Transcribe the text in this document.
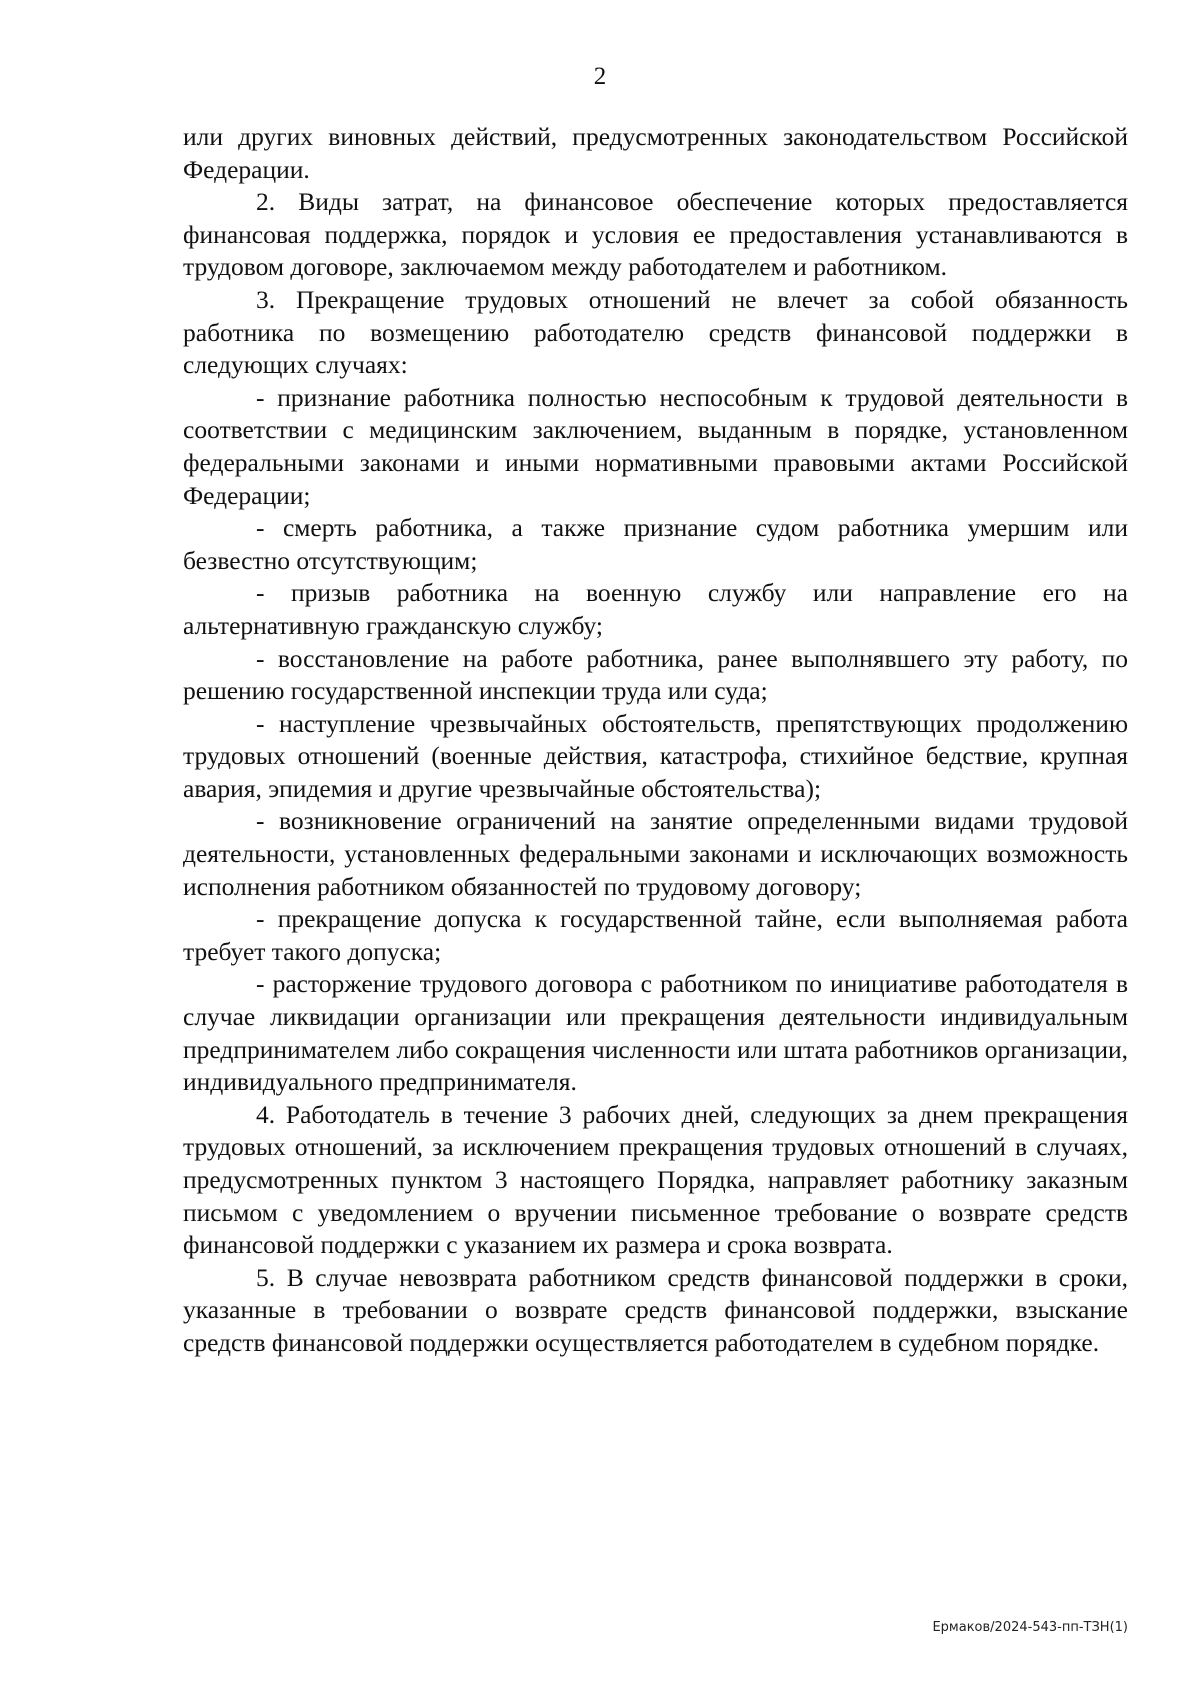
2

или других виновных действий, предусмотренных законодательством Российской Федерации.

2. Виды затрат, на финансовое обеспечение которых предоставляется финансовая поддержка, порядок и условия ее предоставления устанавливаются в трудовом договоре, заключаемом между работодателем и работником.

3. Прекращение трудовых отношений не влечет за собой обязанность работника по возмещению работодателю средств финансовой поддержки в следующих случаях:

- признание работника полностью неспособным к трудовой деятельности в соответствии с медицинским заключением, выданным в порядке, установленном федеральными законами и иными нормативными правовыми актами Российской Федерации;

- смерть работника, а также признание судом работника умершим или безвестно отсутствующим;

- призыв работника на военную службу или направление его на альтернативную гражданскую службу;

- восстановление на работе работника, ранее выполнявшего эту работу, по решению государственной инспекции труда или суда;

- наступление чрезвычайных обстоятельств, препятствующих продолжению трудовых отношений (военные действия, катастрофа, стихийное бедствие, крупная авария, эпидемия и другие чрезвычайные обстоятельства);

- возникновение ограничений на занятие определенными видами трудовой деятельности, установленных федеральными законами и исключающих возможность исполнения работником обязанностей по трудовому договору;

- прекращение допуска к государственной тайне, если выполняемая работа требует такого допуска;

- расторжение трудового договора с работником по инициативе работодателя в случае ликвидации организации или прекращения деятельности индивидуальным предпринимателем либо сокращения численности или штата работников организации, индивидуального предпринимателя.

4. Работодатель в течение 3 рабочих дней, следующих за днем прекращения трудовых отношений, за исключением прекращения трудовых отношений в случаях, предусмотренных пунктом 3 настоящего Порядка, направляет работнику заказным письмом с уведомлением о вручении письменное требование о возврате средств финансовой поддержки с указанием их размера и срока возврата.

5. В случае невозврата работником средств финансовой поддержки в сроки, указанные в требовании о возврате средств финансовой поддержки, взыскание средств финансовой поддержки осуществляется работодателем в судебном порядке.

Ермаков/2024-543-пп-ТЗН(1)
